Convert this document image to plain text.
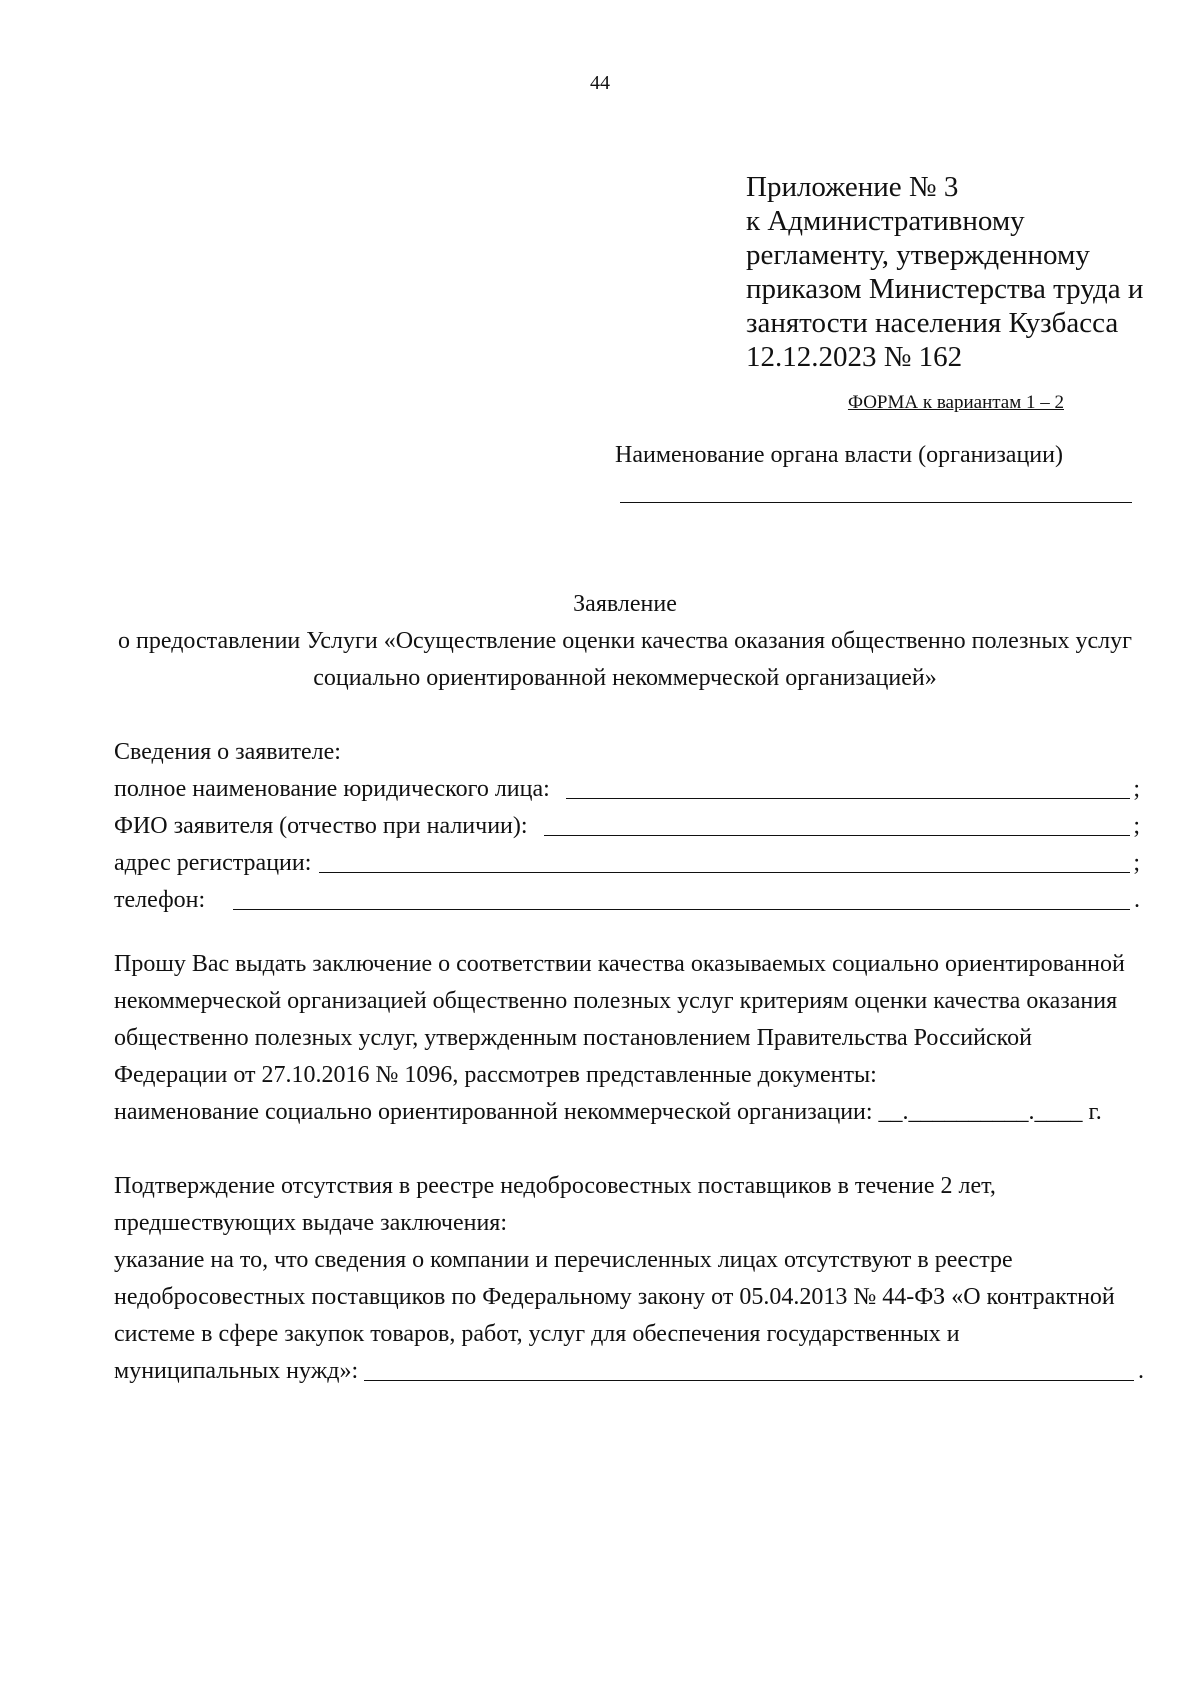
44
Приложение № 3
к Административному
регламенту, утвержденному
приказом Министерства труда и
занятости населения Кузбасса
12.12.2023 № 162
ФОРМА к вариантам 1 – 2
Наименование органа власти (организации)
Заявление
о предоставлении Услуги «Осуществление оценки качества оказания общественно полезных услуг
социально ориентированной некоммерческой организацией»
Сведения о заявителе:
полное наименование юридического лица:	;
ФИО заявителя (отчество при наличии):	;
адрес регистрации:	;
телефон:	.
Прошу Вас выдать заключение о соответствии качества оказываемых социально ориентированной
некоммерческой организацией общественно полезных услуг критериям оценки качества оказания
общественно полезных услуг, утвержденным постановлением Правительства Российской
Федерации от 27.10.2016 № 1096, рассмотрев представленные документы:
наименование социально ориентированной некоммерческой организации: __.__________.____ г.
Подтверждение отсутствия в реестре недобросовестных поставщиков в течение 2 лет,
предшествующих выдаче заключения:
указание на то, что сведения о компании и перечисленных лицах отсутствуют в реестре
недобросовестных поставщиков по Федеральному закону от 05.04.2013 № 44-ФЗ «О контрактной
системе в сфере закупок товаров, работ, услуг для обеспечения государственных и
муниципальных нужд»:	.
